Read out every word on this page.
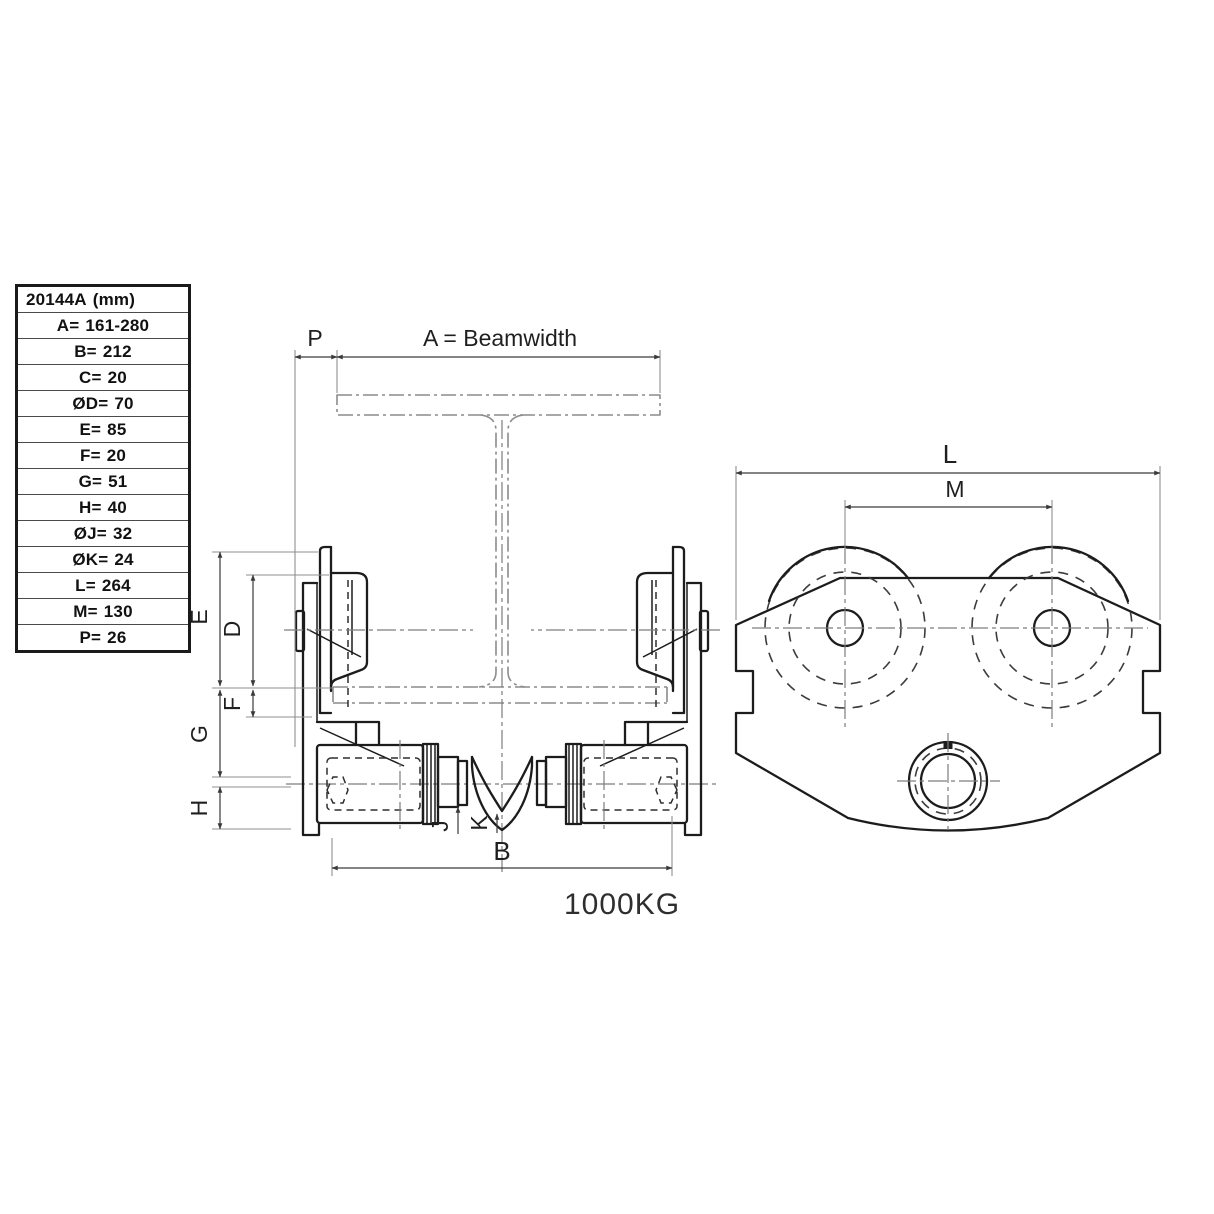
20144A (mm)
A= 161-280
B= 212
C= 20
ØD= 70
E= 85
F= 20
G= 51
H= 40
ØJ= 32
ØK= 24
L= 264
M= 130
P= 26
P	A = Beamwidth
E
D
F
G
H
J K
B
1000KG
L
M
